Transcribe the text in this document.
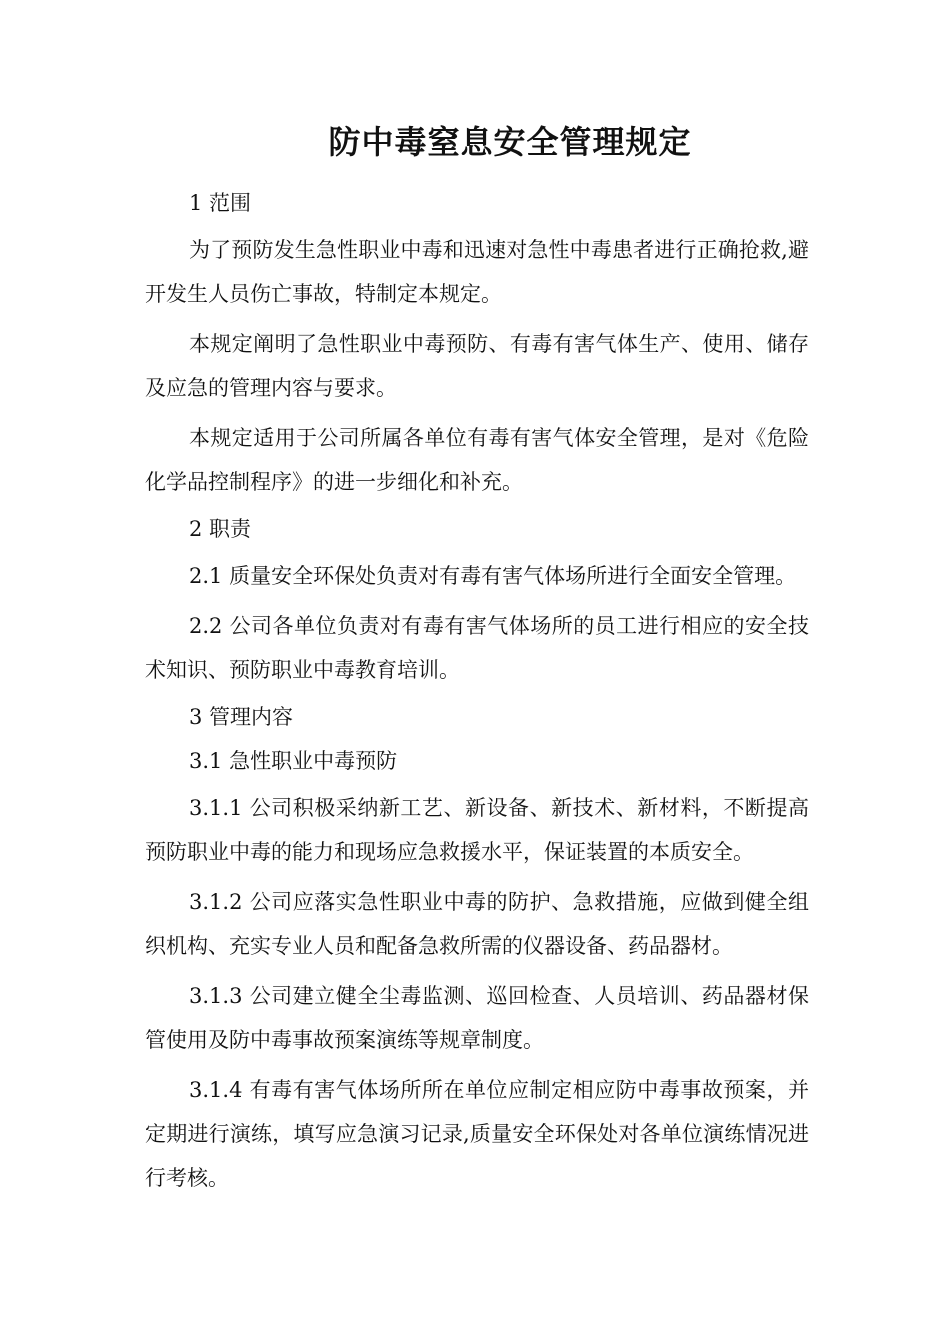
防中毒窒息安全管理规定

1 范围

为了预防发生急性职业中毒和迅速对急性中毒患者进行正确抢救,避开发生人员伤亡事故，特制定本规定。

本规定阐明了急性职业中毒预防、有毒有害气体生产、使用、储存及应急的管理内容与要求。

本规定适用于公司所属各单位有毒有害气体安全管理，是对《危险化学品控制程序》的进一步细化和补充。

2 职责

2.1 质量安全环保处负责对有毒有害气体场所进行全面安全管理。

2.2 公司各单位负责对有毒有害气体场所的员工进行相应的安全技术知识、预防职业中毒教育培训。

3 管理内容

3.1 急性职业中毒预防

3.1.1 公司积极采纳新工艺、新设备、新技术、新材料，不断提高预防职业中毒的能力和现场应急救援水平，保证装置的本质安全。

3.1.2 公司应落实急性职业中毒的防护、急救措施，应做到健全组织机构、充实专业人员和配备急救所需的仪器设备、药品器材。

3.1.3 公司建立健全尘毒监测、巡回检查、人员培训、药品器材保管使用及防中毒事故预案演练等规章制度。

3.1.4 有毒有害气体场所所在单位应制定相应防中毒事故预案，并定期进行演练，填写应急演习记录,质量安全环保处对各单位演练情况进行考核。
